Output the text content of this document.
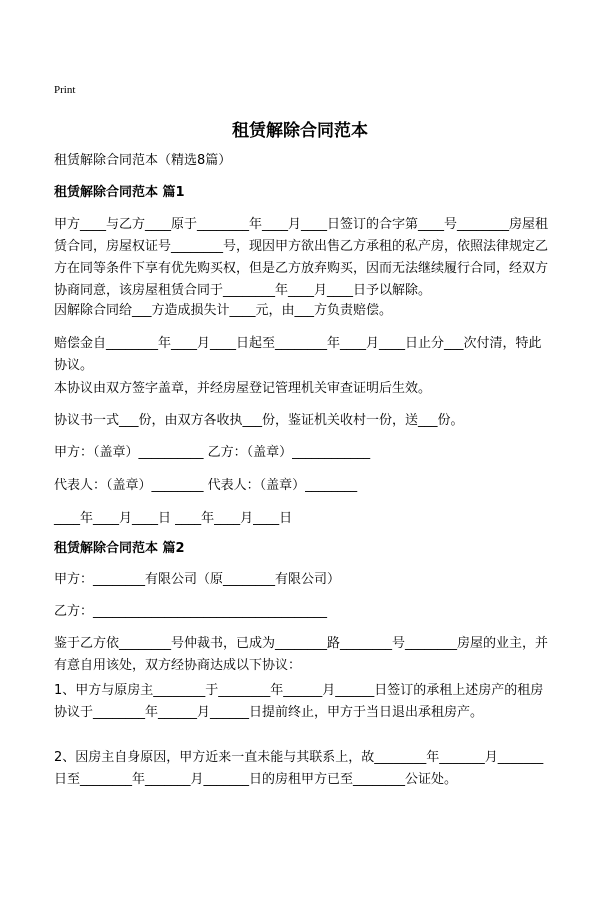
Print
租赁解除合同范本

租赁解除合同范本（精选8篇）

租赁解除合同范本 篇1

甲方____与乙方____原于________年____月____日签订的合字第____号________房屋租赁合同，房屋权证号________号，现因甲方欲出售乙方承租的私产房，依照法律规定乙方在同等条件下享有优先购买权，但是乙方放弃购买，因而无法继续履行合同，经双方协商同意，该房屋租赁合同于________年____月____日予以解除。

因解除合同给___方造成损失计____元，由___方负责赔偿。

赔偿金自________年____月____日起至________年____月____日止分___次付清，特此协议。

本协议由双方签字盖章，并经房屋登记管理机关审查证明后生效。

协议书一式___份，由双方各收执___份，鉴证机关收村一份，送___份。

甲方：（盖章）__________ 乙方：（盖章）____________

代表人：（盖章）________ 代表人：（盖章）________

____年____月____日 ____年____月____日

租赁解除合同范本 篇2

甲方：________有限公司（原________有限公司）

乙方：____________________________________

鉴于乙方依________号仲裁书，已成为________路________号________房屋的业主，并有意自用该处，双方经协商达成以下协议：

1、甲方与原房主________于________年______月______日签订的承租上述房产的租房协议于________年______月______日提前终止，甲方于当日退出承租房产。

2、因房主自身原因，甲方近来一直未能与其联系上，故________年_______月_______日至________年_______月_______日的房租甲方已至________公证处。
